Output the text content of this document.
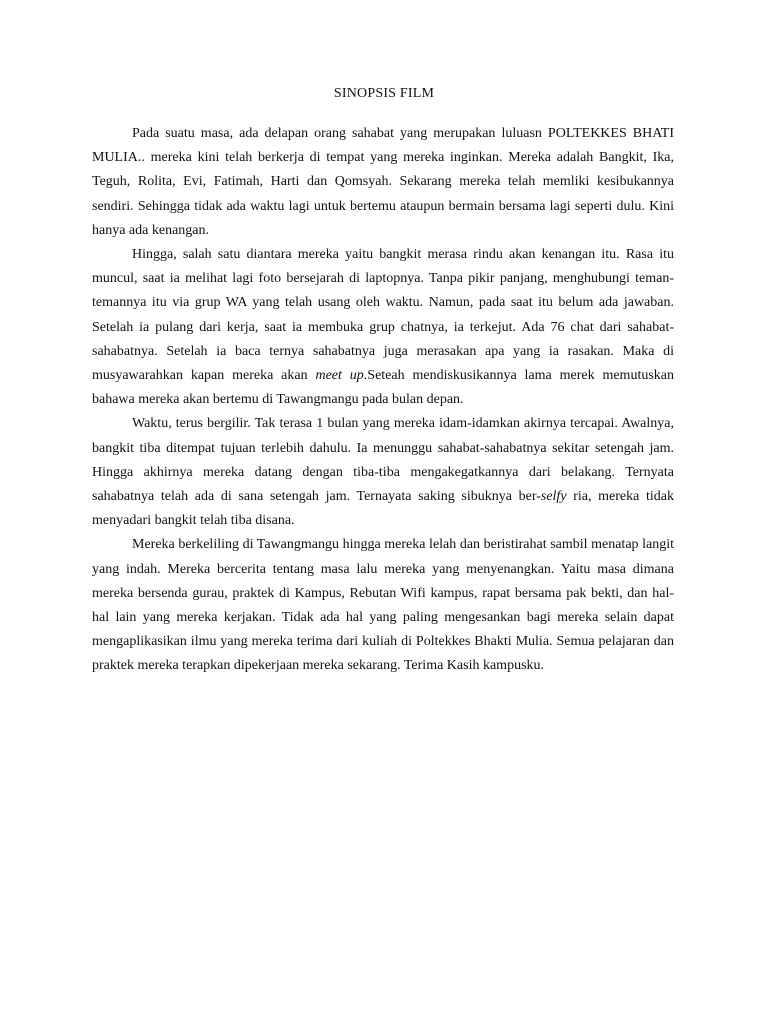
SINOPSIS FILM

Pada suatu masa, ada delapan orang sahabat yang merupakan luluasn POLTEKKES BHATI MULIA.. mereka kini telah berkerja di tempat yang mereka inginkan. Mereka adalah Bangkit, Ika, Teguh, Rolita, Evi, Fatimah, Harti dan Qomsyah. Sekarang mereka telah memliki kesibukannya sendiri. Sehingga tidak ada waktu lagi untuk bertemu ataupun bermain bersama lagi seperti dulu. Kini hanya ada kenangan.

Hingga, salah satu diantara mereka yaitu bangkit merasa rindu akan kenangan itu. Rasa itu muncul, saat ia melihat lagi foto bersejarah di laptopnya. Tanpa pikir panjang, menghubungi teman-temannya itu via grup WA yang telah usang oleh waktu. Namun, pada saat itu belum ada jawaban. Setelah ia pulang dari kerja, saat ia membuka grup chatnya, ia terkejut. Ada 76 chat dari sahabat-sahabatnya. Setelah ia baca ternya sahabatnya juga merasakan apa yang ia rasakan. Maka di musyawarahkan kapan mereka akan meet up.Seteah mendiskusikannya lama merek memutuskan bahawa mereka akan bertemu di Tawangmangu pada bulan depan.

Waktu, terus bergilir. Tak terasa 1 bulan yang mereka idam-idamkan akirnya tercapai. Awalnya, bangkit tiba ditempat tujuan terlebih dahulu. Ia menunggu sahabat-sahabatnya sekitar setengah jam. Hingga akhirnya mereka datang dengan tiba-tiba mengakegatkannya dari belakang. Ternyata sahabatnya telah ada di sana setengah jam. Ternayata saking sibuknya ber-selfy ria, mereka tidak menyadari bangkit telah tiba disana.

Mereka berkeliling di Tawangmangu hingga mereka lelah dan beristirahat sambil menatap langit yang indah. Mereka bercerita tentang masa lalu mereka yang menyenangkan. Yaitu masa dimana mereka bersenda gurau, praktek di Kampus, Rebutan Wifi kampus, rapat bersama pak bekti, dan hal-hal lain yang mereka kerjakan. Tidak ada hal yang paling mengesankan bagi mereka selain dapat mengaplikasikan ilmu yang mereka terima dari kuliah di Poltekkes Bhakti Mulia. Semua pelajaran dan praktek mereka terapkan dipekerjaan mereka sekarang. Terima Kasih kampusku.
